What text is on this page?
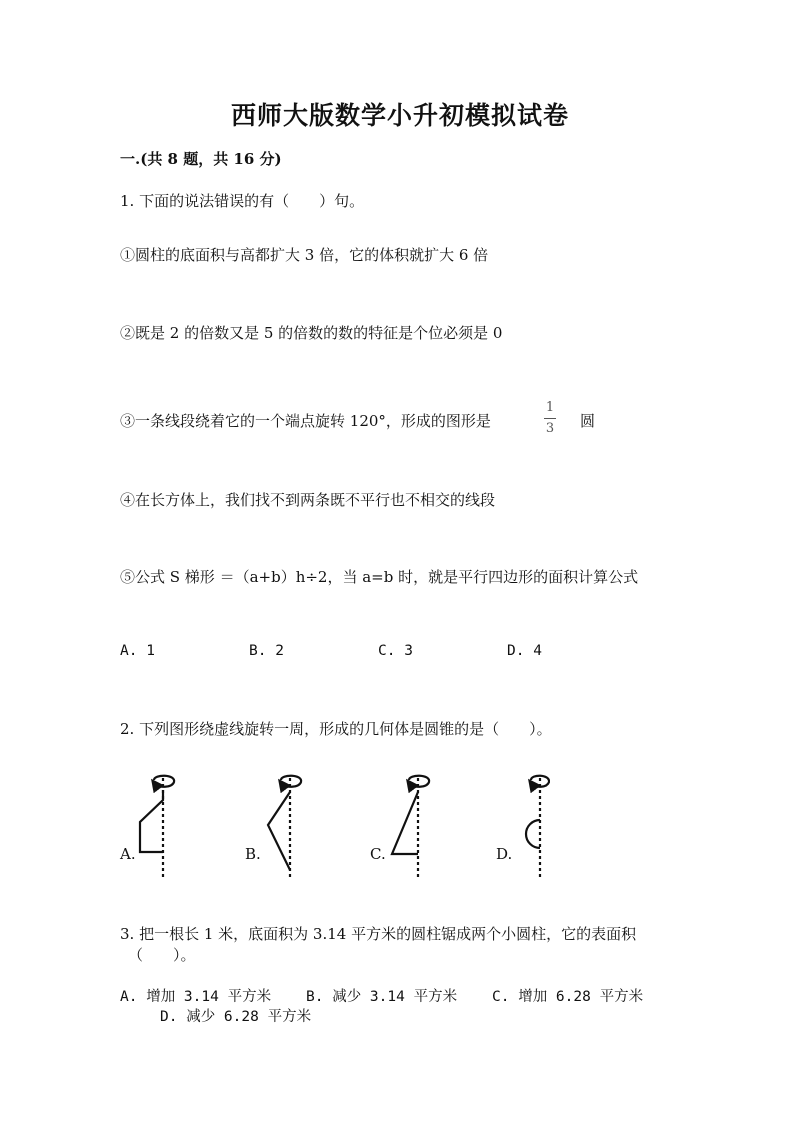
西师大版数学小升初模拟试卷
一.(共 8 题，共 16 分)
1. 下面的说法错误的有（　　）句。
①圆柱的底面积与高都扩大 3 倍，它的体积就扩大 6 倍
②既是 2 的倍数又是 5 的倍数的数的特征是个位必须是 0
③一条线段绕着它的一个端点旋转 120°，形成的图形是
1
3	圆
④在长方体上，我们找不到两条既不平行也不相交的线段
⑤公式 S 梯形 ＝（a+b）h÷2，当 a=b 时，就是平行四边形的面积计算公式
A. 1	B. 2	C. 3	D. 4
2. 下列图形绕虚线旋转一周，形成的几何体是圆锥的是（　　）。
A.	B.	C.	D.
3. 把一根长 1 米，底面积为 3.14 平方米的圆柱锯成两个小圆柱，它的表面积
（　　）。
A. 增加 3.14 平方米 B. 减少 3.14 平方米 C. 增加 6.28 平方米
D. 减少 6.28 平方米
